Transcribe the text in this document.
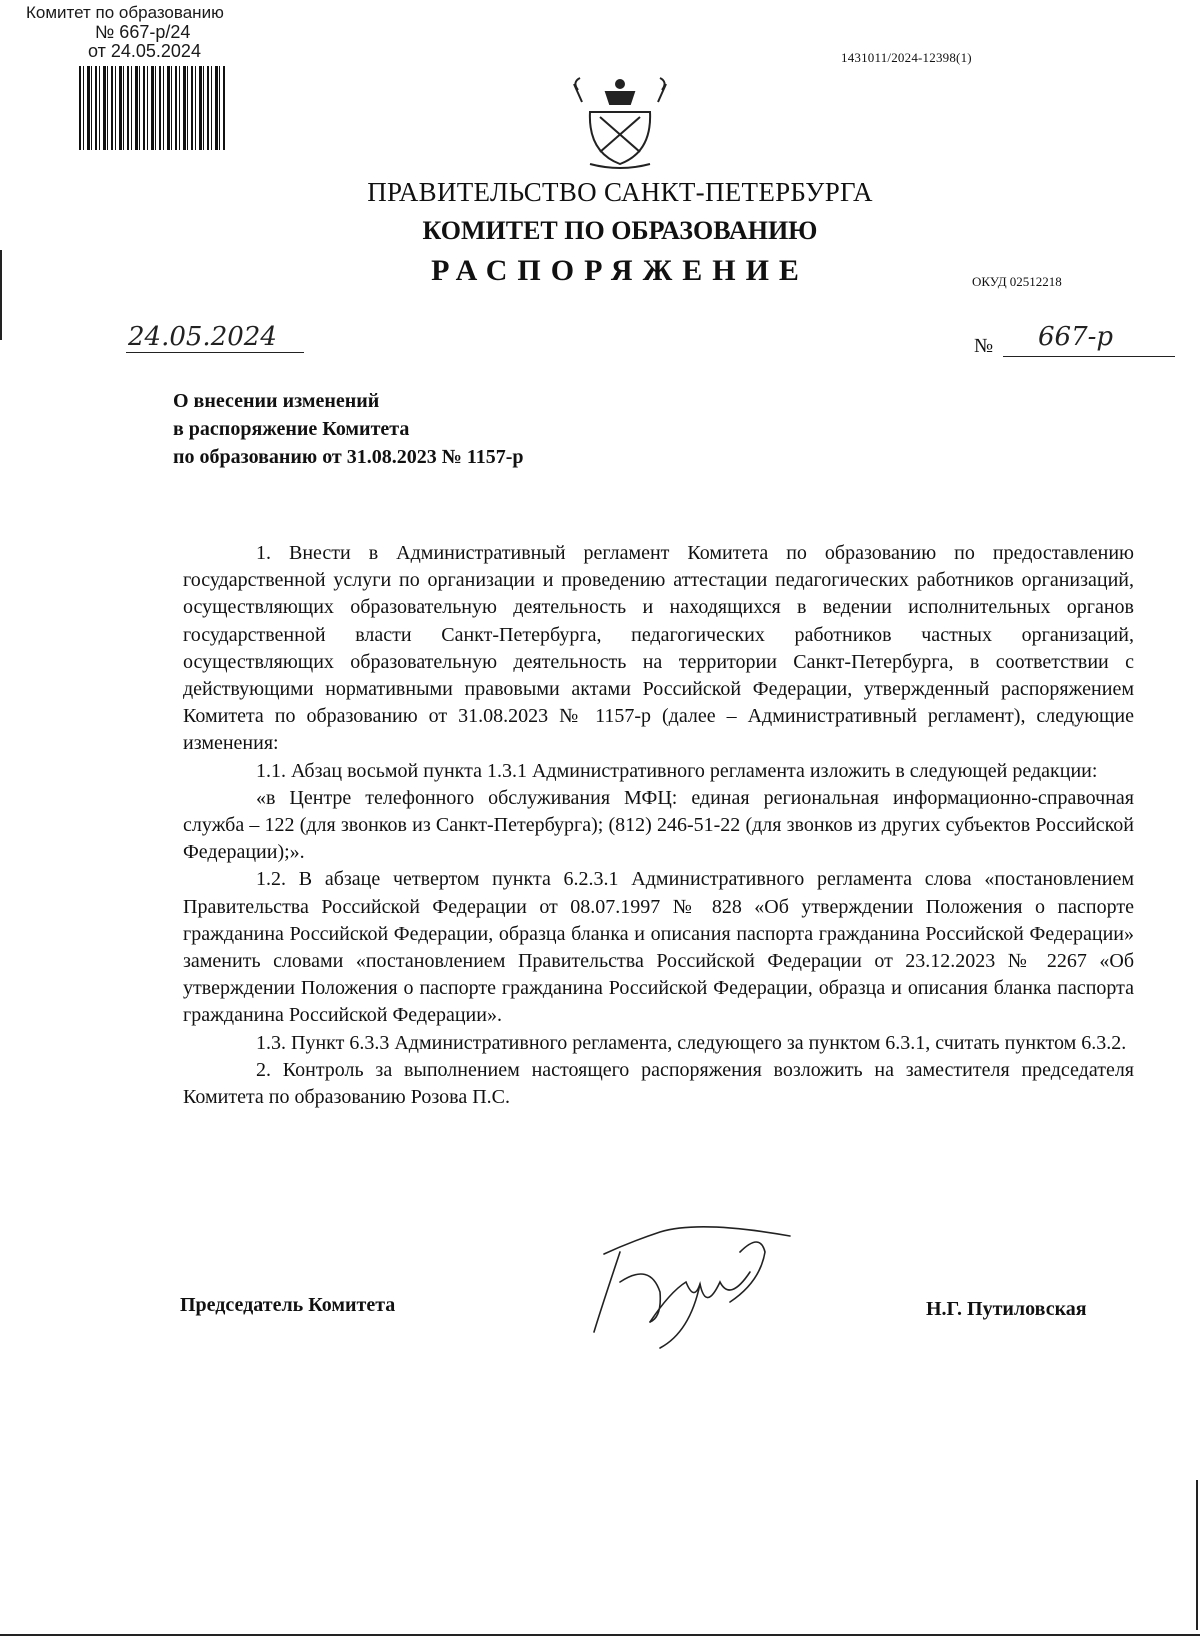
Комитет по образованию
№ 667-р/24
от 24.05.2024	1431011/2024-12398(1)
ПРАВИТЕЛЬСТВО САНКТ-ПЕТЕРБУРГА
КОМИТЕТ ПО ОБРАЗОВАНИЮ
РАСПОРЯЖЕНИЕ	ОКУД 02512218
24.05.2024	№ 667-р
О внесении изменений
в распоряжение Комитета
по образованию от 31.08.2023 № 1157-р

1. Внести в Административный регламент Комитета по образованию по предоставлению государственной услуги по организации и проведению аттестации педагогических работников организаций, осуществляющих образовательную деятельность и находящихся в ведении исполнительных органов государственной власти Санкт-Петербурга, педагогических работников частных организаций, осуществляющих образовательную деятельность на территории Санкт-Петербурга, в соответствии с действующими нормативными правовыми актами Российской Федерации, утвержденный распоряжением Комитета по образованию от 31.08.2023 № 1157-р (далее – Административный регламент), следующие изменения:

1.1. Абзац восьмой пункта 1.3.1 Административного регламента изложить в следующей редакции:

«в Центре телефонного обслуживания МФЦ: единая региональная информационно-справочная служба – 122 (для звонков из Санкт-Петербурга); (812) 246-51-22 (для звонков из других субъектов Российской Федерации);».

1.2. В абзаце четвертом пункта 6.2.3.1 Административного регламента слова «постановлением Правительства Российской Федерации от 08.07.1997 № 828 «Об утверждении Положения о паспорте гражданина Российской Федерации, образца бланка и описания паспорта гражданина Российской Федерации» заменить словами «постановлением Правительства Российской Федерации от 23.12.2023 № 2267 «Об утверждении Положения о паспорте гражданина Российской Федерации, образца и описания бланка паспорта гражданина Российской Федерации».

1.3. Пункт 6.3.3 Административного регламента, следующего за пунктом 6.3.1, считать пунктом 6.3.2.

2. Контроль за выполнением настоящего распоряжения возложить на заместителя председателя Комитета по образованию Розова П.С.

Председатель Комитета	Н.Г. Путиловская
